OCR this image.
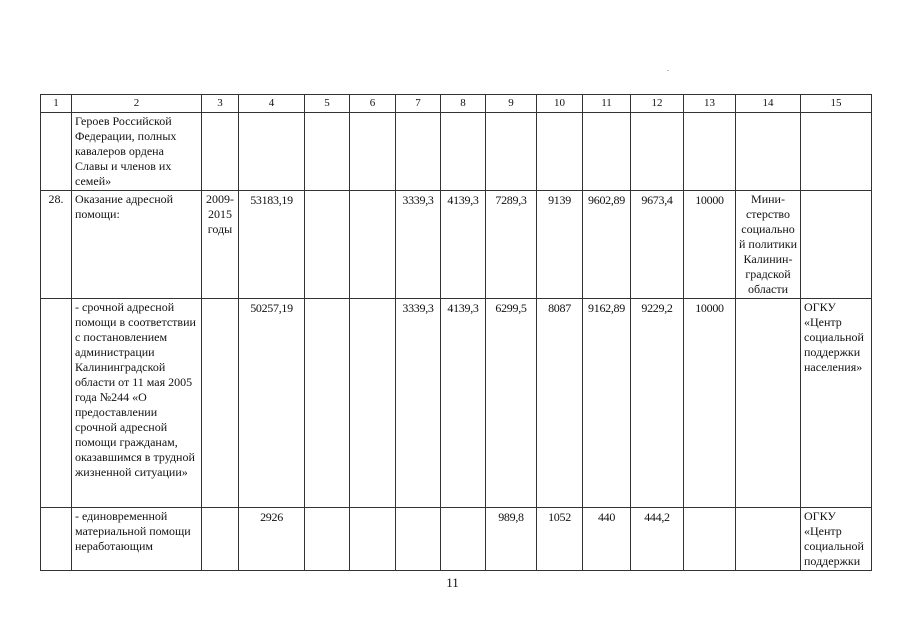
1	2	3	4	5	6	7	8	9	10	11	12	13	14	15
	Героев Российской Федерации, полных кавалеров ордена Славы и членов их семей»													
28.	Оказание адресной помощи:	2009-2015 годы	53183,19			3339,3	4139,3	7289,3	9139	9602,89	9673,4	10000	Мини-стерство социальной политики Калинин-градской области	
	- срочной адресной помощи в соответствии с постановлением администрации Калининградской области от 11 мая 2005 года №244 «О предоставлении срочной адресной помощи гражданам, оказавшимся в трудной жизненной ситуации»		50257,19			3339,3	4139,3	6299,5	8087	9162,89	9229,2	10000		ОГКУ «Центр социальной поддержки населения»
	- единовременной материальной помощи неработающим		2926					989,8	1052	440	444,2			ОГКУ «Центр социальной поддержки
11
